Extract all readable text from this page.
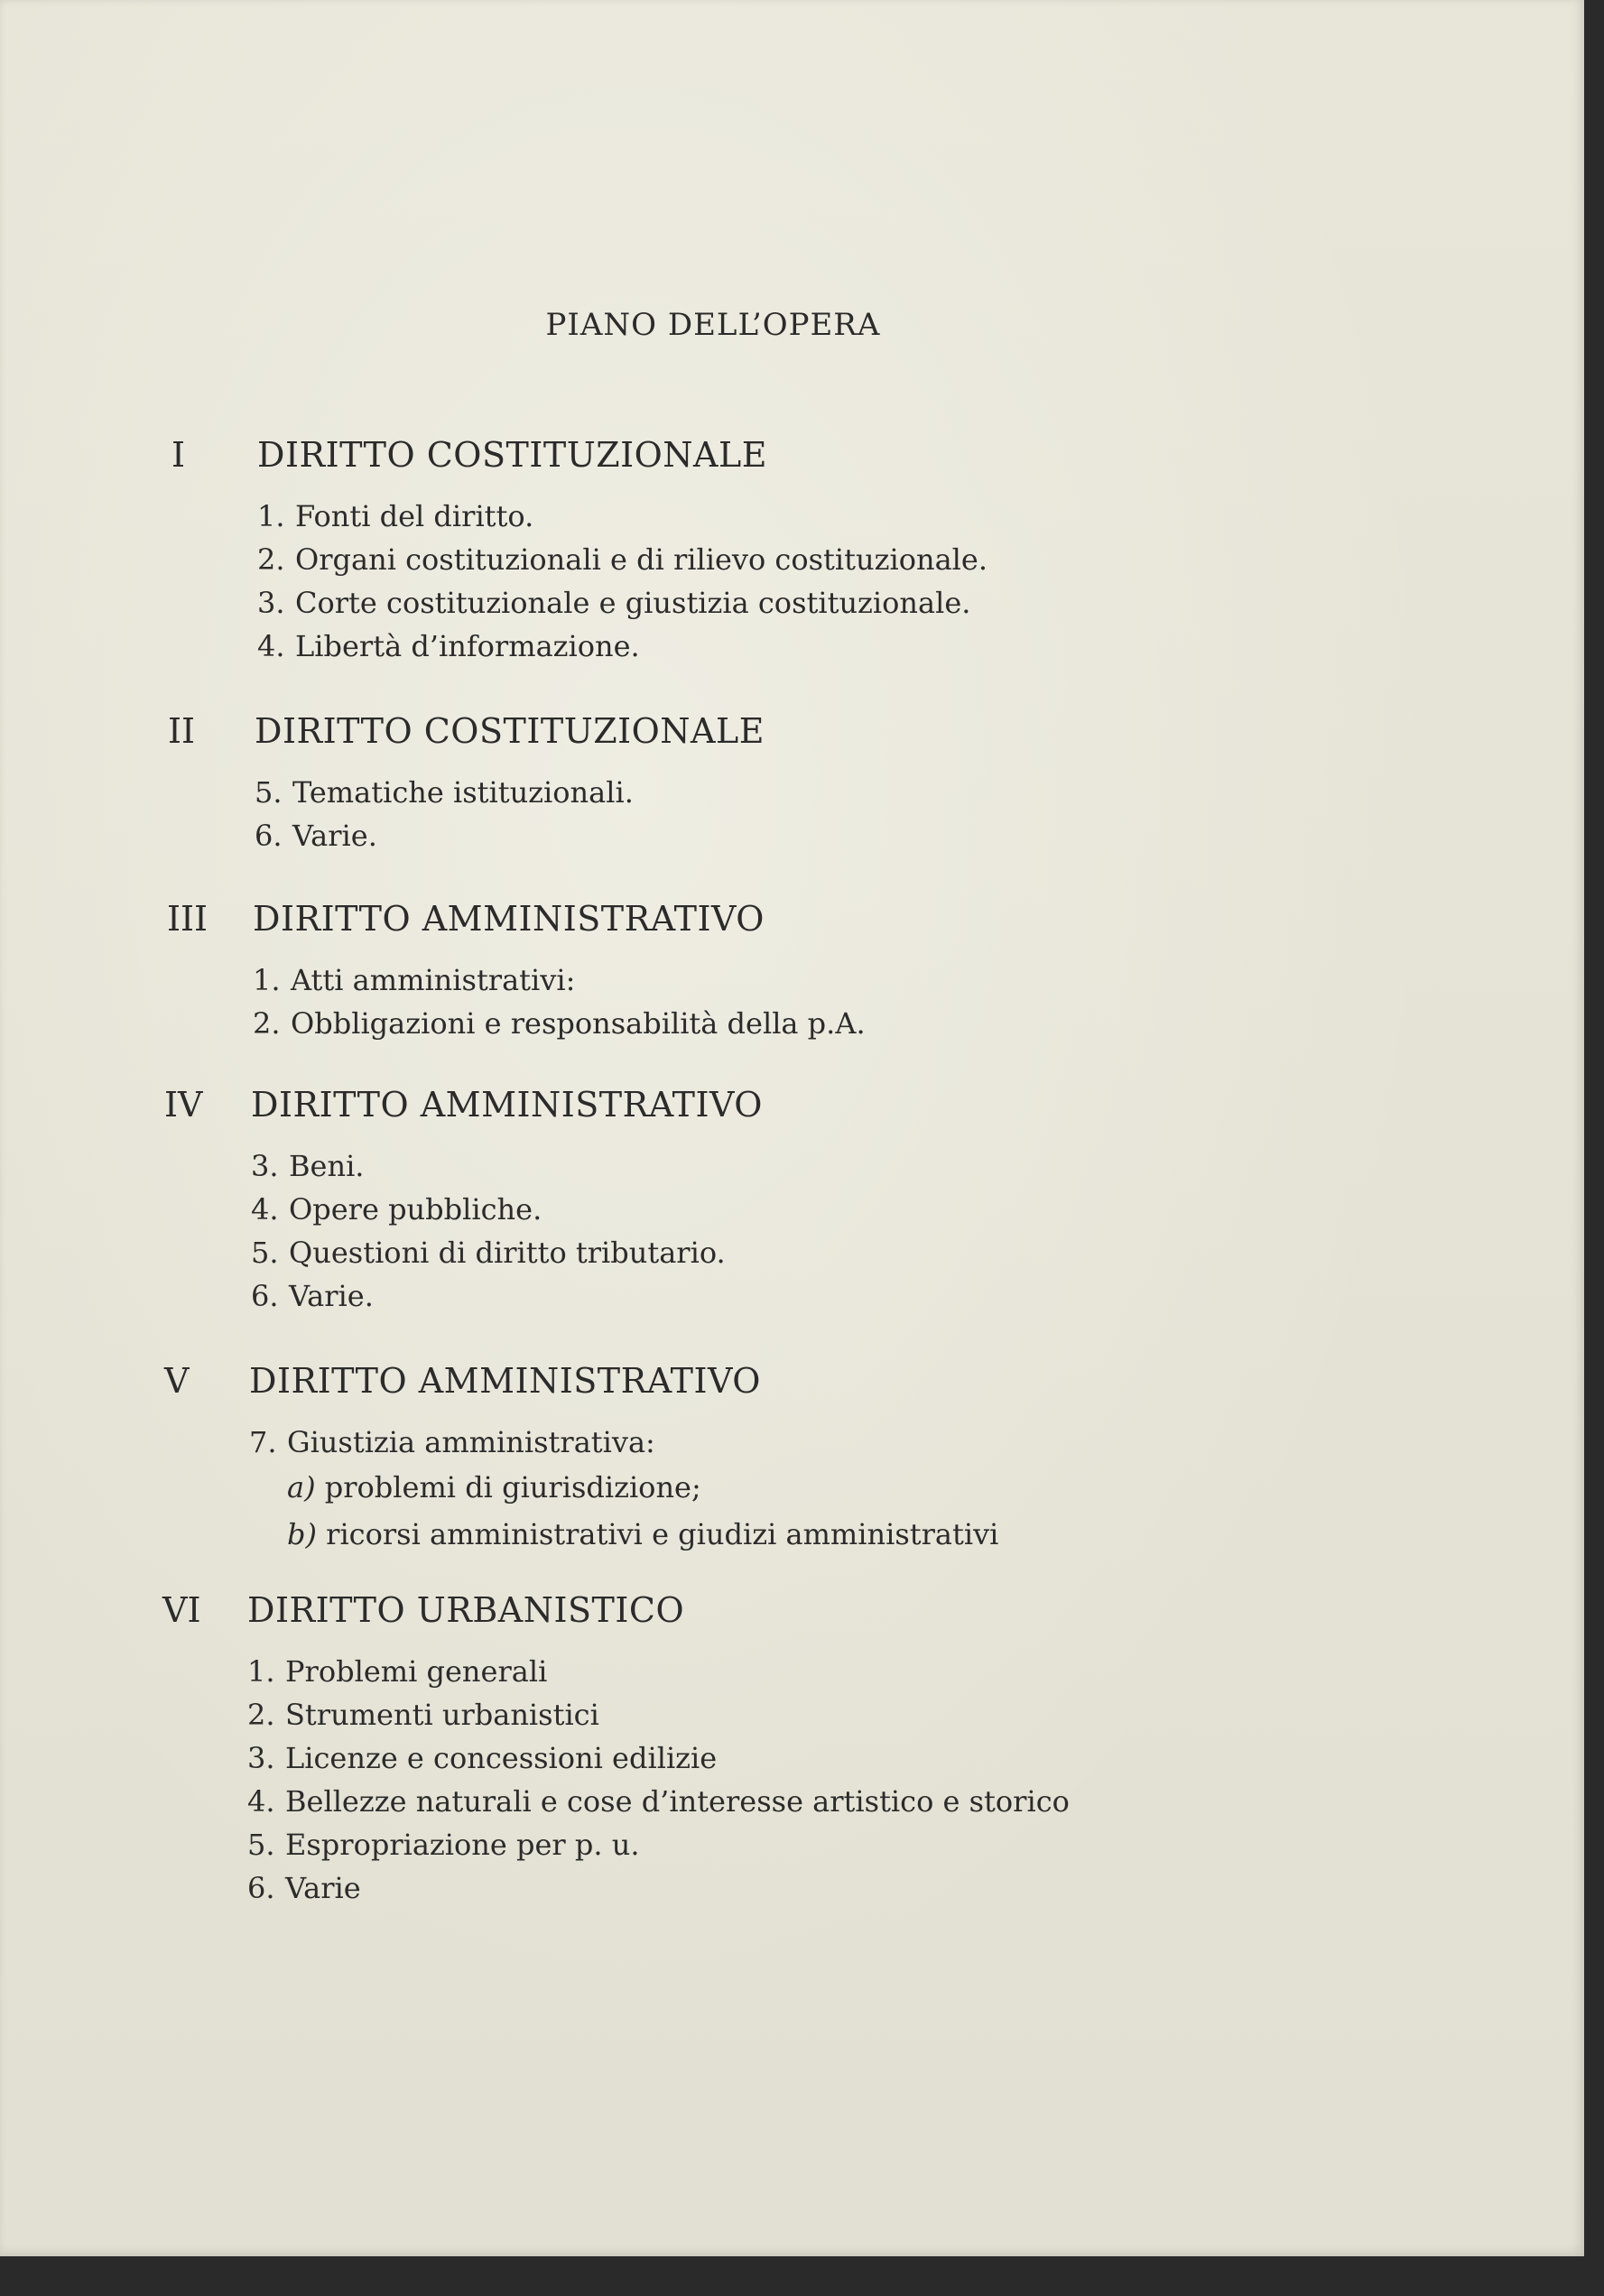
PIANO DELL’OPERA
I	DIRITTO COSTITUZIONALE
1. Fonti del diritto.
2. Organi costituzionali e di rilievo costituzionale.
3. Corte costituzionale e giustizia costituzionale.
4. Libertà d’informazione.
II	DIRITTO COSTITUZIONALE
5. Tematiche istituzionali.
6. Varie.
III	DIRITTO AMMINISTRATIVO
1. Atti amministrativi:
2. Obbligazioni e responsabilità della p.A.
IV	DIRITTO AMMINISTRATIVO
3. Beni.
4. Opere pubbliche.
5. Questioni di diritto tributario.
6. Varie.
V	DIRITTO AMMINISTRATIVO
7. Giustizia amministrativa:
a) problemi di giurisdizione;
b) ricorsi amministrativi e giudizi amministrativi
VI	DIRITTO URBANISTICO
1. Problemi generali
2. Strumenti urbanistici
3. Licenze e concessioni edilizie
4. Bellezze naturali e cose d’interesse artistico e storico
5. Espropriazione per p. u.
6. Varie
